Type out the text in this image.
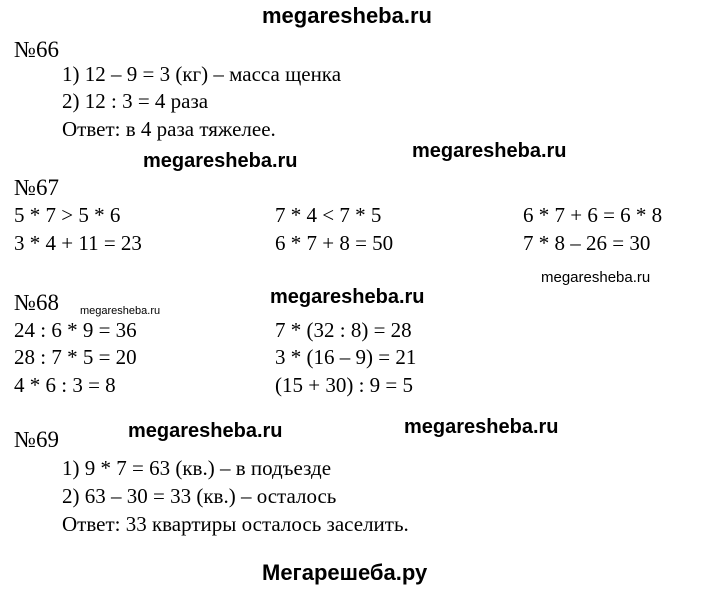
megaresheba.ru
megaresheba.ru	megaresheba.ru
megaresheba.ru
megaresheba.ru
megaresheba.ru
megaresheba.ru	megaresheba.ru
№66
1) 12 – 9 = 3 (кг) – масса щенка
2) 12 : 3 = 4 раза
Ответ: в 4 раза тяжелее.
№67
5 * 7 > 5 * 6
3 * 4 + 11 = 23
7 * 4 < 7 * 5
6 * 7 + 8 = 50
6 * 7 + 6 = 6 * 8
7 * 8 – 26 = 30
№68
24 : 6 * 9 = 36
28 : 7 * 5 = 20
4 * 6 : 3 = 8
7 * (32 : 8) = 28
3 * (16 – 9) = 21
(15 + 30) : 9 = 5
№69
1) 9 * 7 = 63 (кв.) – в подъезде
2) 63 – 30 = 33 (кв.) – осталось
Ответ: 33 квартиры осталось заселить.
Мегарешеба.ру
